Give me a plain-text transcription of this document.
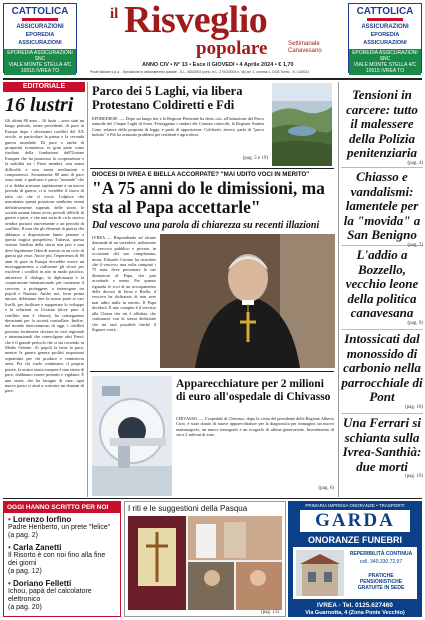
CATTOLICA
ASSICURAZIONI
EPOREDIA ASSICURAZIONI
EPOREDIA ASSICURAZIONI SNC
VIALE MONTE STELLA 4/C
10015 IVREA TO
CATTOLICA
ASSICURAZIONI
EPOREDIA ASSICURAZIONI
EPOREDIA ASSICURAZIONI SNC
VIALE MONTE STELLA 4/C
10015 IVREA TO
il Risveglio
popolare	Settimanale
Canavesano
ANNO CIV • N° 13 • Esce il GIOVEDI • 4 Aprile 2024 • € 1,70
Poste Italiane s.p.a. - Spedizione in abbonamento postale - D.L. 353/2003 (conv. in L. 27/02/2004 n. 46) art. 1, comma 1, DCB Torino - N. 13/2024
EDITORIALE
16 lustri
Gli ultimi 80 anni – 16 lustri – sono stati un lungo periodo, senza precedenti, di pace in Europa dopo i devastanti conflitti del XX secolo, in particolare la prima e la seconda guerra mondiale. Di pace e anche di prosperità economica, in gran parte come risultato della fondazione dell'Unione Europea che ha promosso la cooperazione e la stabilità tra i Paesi membri, non senza difficoltà e non senza mediazioni e compromessi. Sicuramente 80 anni di pace sono tanti, a qualcuno è parso "normale" che ci si debba arrestare rapidamente a un nuovo periodo di guerra, ci si vorrebbe il fuoco di tutto ciò che ci tocca. Colpisce che nonostante questa posizione sembrino ormai definitivamente superati, delle storie, le società umane fanno avvio periodi difficili di guerre e pace, e che una sorta di ciclo storico sembra portarci nuovamente a un periodo di conflitto. Il non che gli elementi di guerra che abbiamo a disposizione fanno pensare a questa tragica prospettiva. Tuttavia, questa visione fatalista della storia non può e non deve legittimare l'idea di arresto in un ciclo di guerra già visto. Ancor più, l'esperienza di 80 anni di pace in Europa dovrebbe essere un incoraggiamento a rafforzare gli sforzi per risolvere i conflitti in atto in modo pacifico, attraverso il dialogo, la diplomazia e la cooperazione internazionale, per contenere il crescere, a proteggere, a interrogare tra popoli e Nazioni. Anche noi, forse prima ancora, dobbiamo fare la nostra parte ai vari livelli, per facilitare e supportare lo sviluppo e le relazioni in Ucraina (dove pure il conflitto non è chiuso), ha conseguenze devastanti per la società controllate. Inoltre, nel mondo interconnesso di oggi, i conflitti possono facilmente sfociare in crisi regionali e internazionali che coinvolgono altri Paesi: che è il grande pericolo che si sta correndo in Medio Oriente. Ai popoli la bene la pace, mentre la guerra genera profitti importanti soprattutto per chi produce e commercia armi. Per chi vuole continuare, il proprio potere, la nostra storia europea è una storia di pace, dobbiamo essere presenti e vigilanti. È una storia, che ha bisogno di cura: ogni nuovo passo ci aiuti a costruire un domani di pace.
Parco dei 5 Laghi, via libera Protestano Coldiretti e Fdi
EPOREDIESE. — Dopo un lungo iter e la Regione Piemonte ha detto «sì» all'istituzione del Parco naturale dei Cinque Laghi di Ivrea. Festeggiano i sindaci dei Comuni coinvolti, la Regione Andrea Cane, relatore della proposta di legge, e parla di opposizione. Coldiretti, invece, parla di "parco indotto" e Fdi ha avanzato problemi per residenti e agricoltori.
(pag. 5 e 19)
DIOCESI DI IVREA E BIELLA ACCORPATE? "MAI UDITO VOCI IN MERITO"
"A 75 anni do le dimissioni, ma sta al Papa accettarle"
Dal vescovo una parola di chiarezza su recenti illazioni
IVREA — Rispondendo ad alcune domande di un sacerdote, indirizzate al vescovo pubblico e privato, in occasione del suo compleanno, mons. Edoardo Cerrato ha ricordato che il vescovo, una volta compiuti i 75 anni, deve presentare le sue dimissioni al Papa, che può accettarle o meno. Per quanto riguarda le voci di un accorpamento delle diocesi di Ivrea e Biella, il vescovo ha dichiarato di non aver mai udito nulla in merito. Il Papa deciderà. Il mio compito è il servizio alla Chiesa che mi è affidata, che continuerò con la stessa dedizione che mi sarà possibile finché il Signore vorrà.
Apparecchiature per 2 milioni di euro all'ospedale di Chivasso
CHIVASSO. — L'ospedale di Chivasso, dopo la visita del presidente della Regione Alberto Cirio, è stato dotato di nuove apparecchiature per la diagnostica per immagini: un nuovo mammografo, un nuovo tomografo e un ecografo di ultima generazione. Investimento di circa 2 milioni di euro.
(pag. 6)
Tensioni in carcere: tutto il malessere della Polizia penitenziaria
(pag. 4)
Chiasso e vandalismi: lamentele per la "movida" a San Benigno
(pag. 7)
L'addio a Bozzello, vecchio leone della politica canavesana
(pag. 9)
Intossicati dal monossido di carbonio nella parrocchiale di Pont
(pag. 10)
Una Ferrari si schianta sulla Ivrea-Santhià: due morti
(pag. 19)
OGGI HANNO SCRITTO PER NOI
• Lorenzo Iorfino
Padre Heriberto, un prete "felice"
(a pag. 2)
• Carla Zanetti
Il Risorto è con noi fino alla fine dei giorni
(a pag. 12)
• Doriano Felletti
Ichou, papà del calcolatore elettronico
(a pag. 20)
I riti e le suggestioni della Pasqua
(pag. 13)
PRIMARIA IMPRESA ONORANZE • TRASPORTI
GARDA
ONORANZE FUNEBRI
REPERIBILITÀ CONTINUA
cell. 340.330.72.97
PRATICHE PENSIONISTICHE GRATUITE IN SEDE
IVREA - Tel. 0125.627460
Via Guarnotta, 4 (Zona Ponte Vecchio)
